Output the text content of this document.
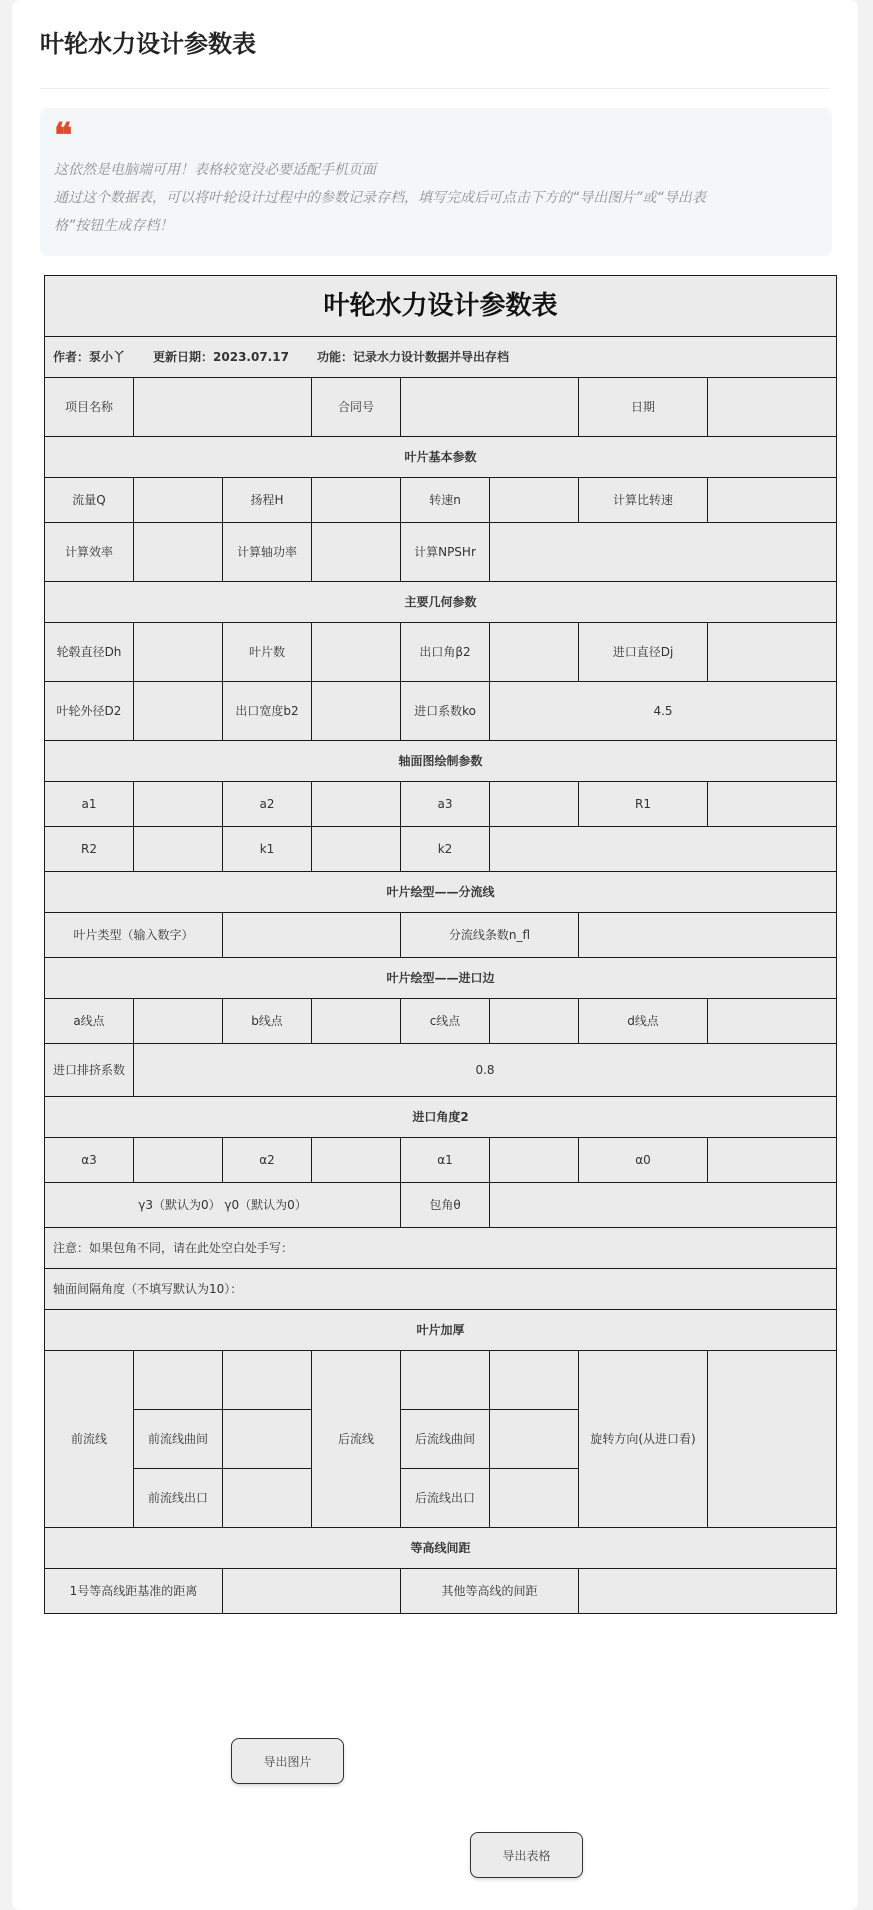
叶轮水力设计参数表
❝
这依然是电脑端可用！表格较宽没必要适配手机页面
通过这个数据表，可以将叶轮设计过程中的参数记录存档，填写完成后可点击下方的“导出图片”或“导出表
格”按钮生成存档！
叶轮水力设计参数表							
作者：泵小丫 更新日期：2023.07.17 功能：记录水力设计数据并导出存档							
项目名称			合同号			日期	
叶片基本参数							
流量Q		扬程H		转速n		计算比转速	
计算效率		计算轴功率		计算NPSHr			
主要几何参数							
轮毂直径Dh		叶片数		出口角β2		进口直径Dj	
叶轮外径D2		出口宽度b2		进口系数ko	4.5		
轴面图绘制参数							
a1		a2		a3		R1	
R2		k1		k2			
叶片绘型——分流线							
叶片类型（输入数字）				分流线条数n_fl			
叶片绘型——进口边							
a线点		b线点		c线点		d线点	
进口排挤系数	0.8						
进口角度2							
α3		α2		α1		α0	
γ3（默认为0） γ0（默认为0）				包角θ			
注意：如果包角不同，请在此处空白处手写：							
轴面间隔角度（不填写默认为10）：							
叶片加厚							
前流线			后流线			旋转方向(从进口看)	
	前流线曲间			后流线曲间			
	前流线出口			后流线出口			
等高线间距							
1号等高线距基准的距离				其他等高线的间距			
导出图片
导出表格
